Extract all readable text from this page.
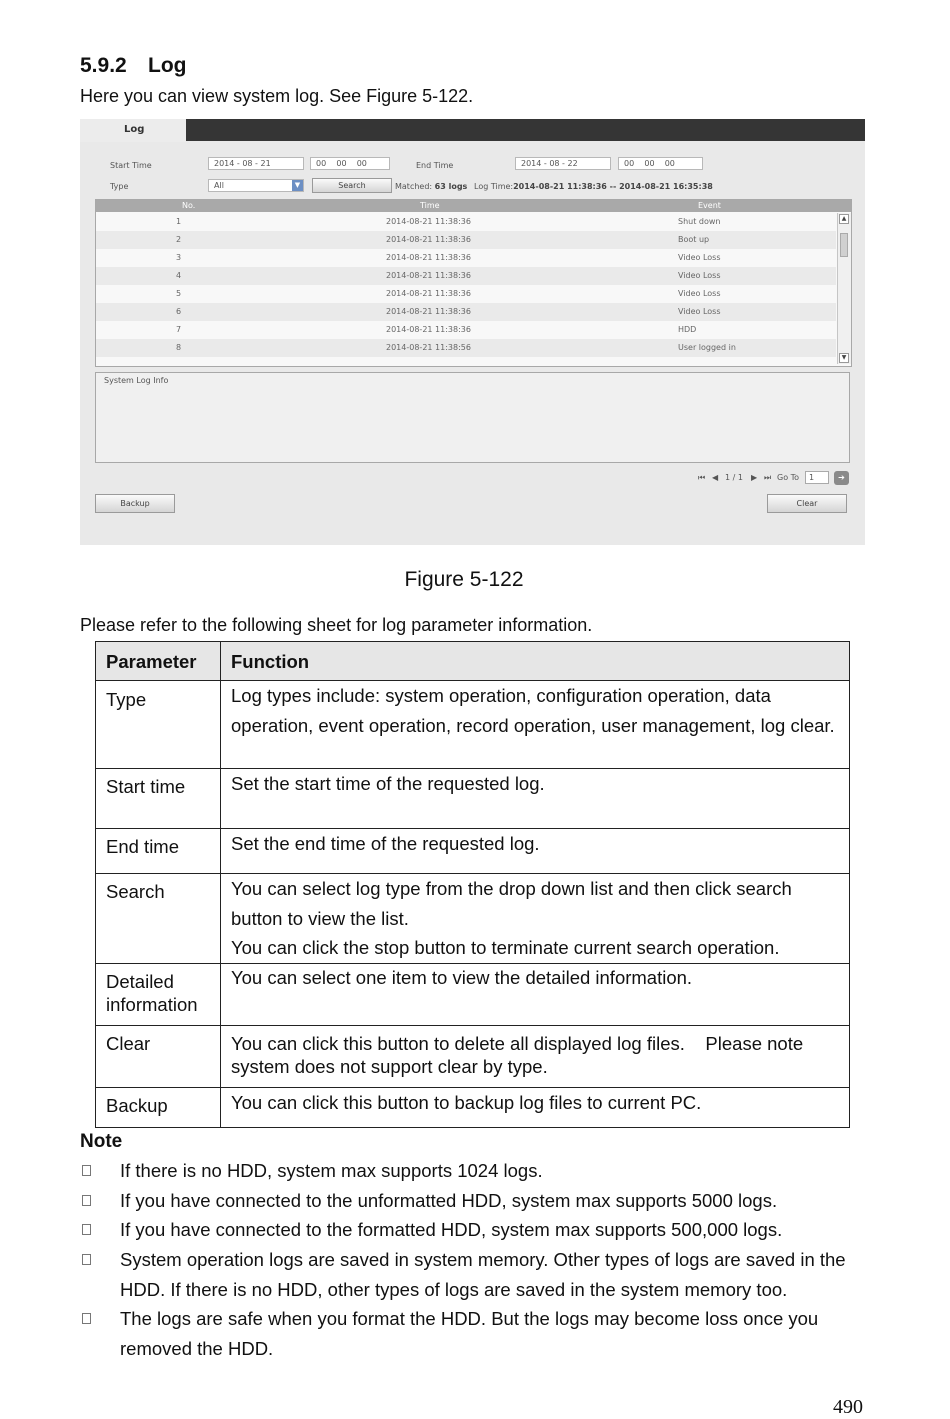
5.9.2 Log
Here you can view system log. See Figure 5-122.
Log
Start Time	2014 - 08 - 21	00 00 00	End Time	2014 - 08 - 22	00 00 00
Type	All	▼	Search	Matched: 63 logs Log Time:2014-08-21 11:38:36 -- 2014-08-21 16:35:38
No.	Time	Event
1	2014-08-21 11:38:36	Shut down
2	2014-08-21 11:38:36	Boot up
3	2014-08-21 11:38:36	Video Loss
4	2014-08-21 11:38:36	Video Loss
5	2014-08-21 11:38:36	Video Loss
6	2014-08-21 11:38:36	Video Loss
7	2014-08-21 11:38:36	HDD
8	2014-08-21 11:38:56	User logged in
▲
▼
System Log Info
⏮ ◀ 1 / 1 ▶ ⏭ Go To	1	➔
Backup	Clear
Figure 5-122
Please refer to the following sheet for log parameter information.
Parameter	Function
Type	Log types include: system operation, configuration operation, data operation, event operation, record operation, user management, log clear.
Start time	Set the start time of the requested log.
End time	Set the end time of the requested log.
Search	You can select log type from the drop down list and then click search button to view the list.
You can click the stop button to terminate current search operation.

Detailed
information	You can select one item to view the detailed information.
Clear	You can click this button to delete all displayed log files.    Please note system does not support clear by type.
Backup	You can click this button to backup log files to current PC.
Note
If there is no HDD, system max supports 1024 logs.
If you have connected to the unformatted HDD, system max supports 5000 logs.
If you have connected to the formatted HDD, system max supports 500,000 logs.
System operation logs are saved in system memory. Other types of logs are saved in the HDD. If there is no HDD, other types of logs are saved in the system memory too.
The logs are safe when you format the HDD. But the logs may become loss once you removed the HDD.
490
